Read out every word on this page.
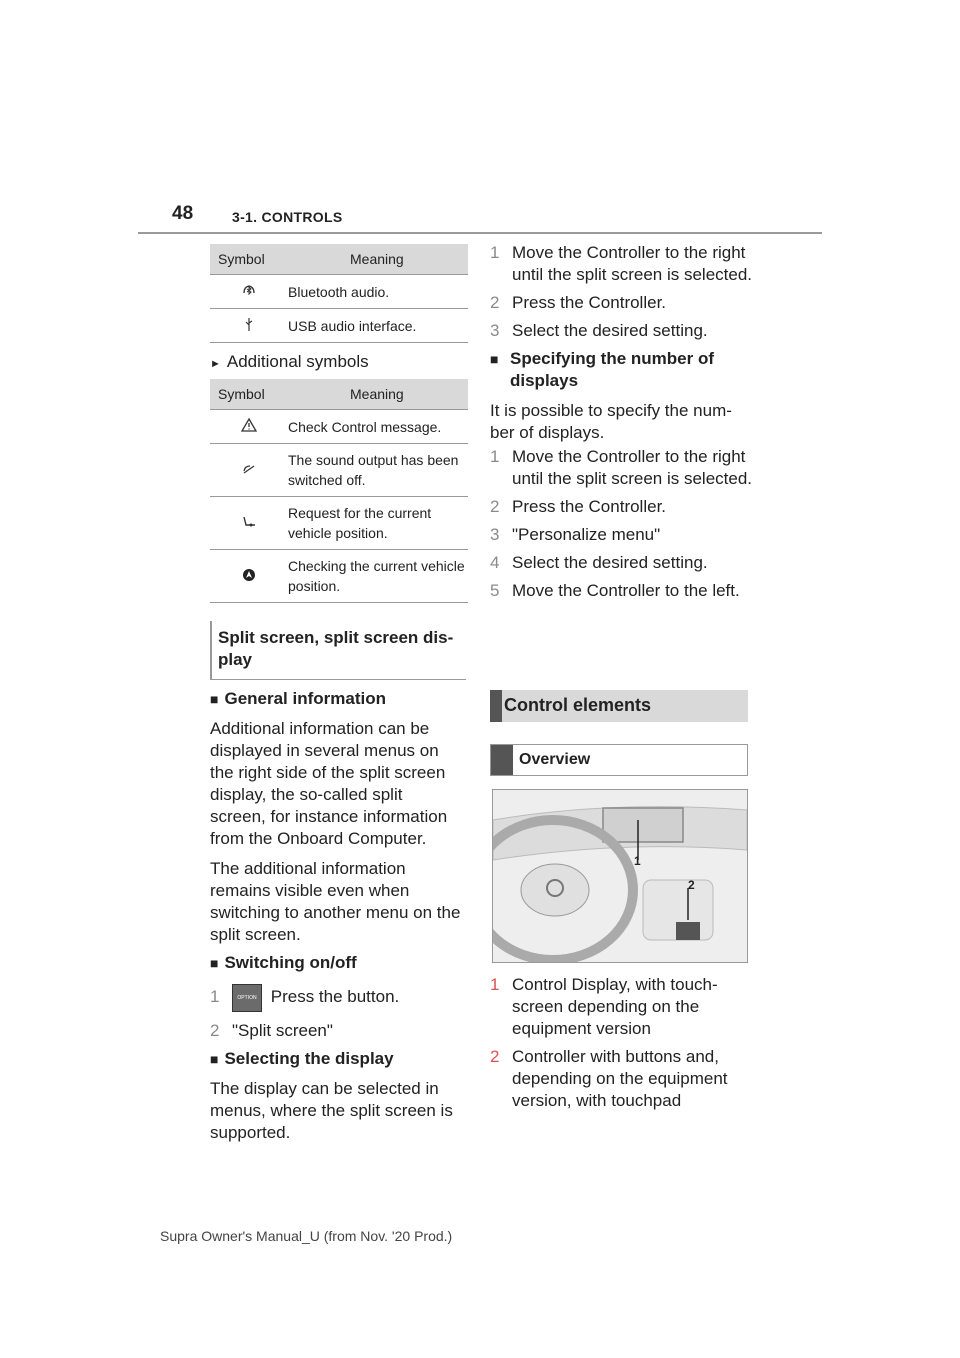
48	3-1. CONTROLS
Symbol	Meaning
	Bluetooth audio.
	USB audio interface.
► Additional symbols
Symbol	Meaning
	Check Control message.
	The sound output has been switched off.
	Request for the current vehicle position.
	Checking the current vehicle position.
Split screen, split screen dis-play
■ General information

Additional information can be displayed in several menus on the right side of the split screen display, the so-called split screen, for instance information from the Onboard Computer.

The additional information remains visible even when switching to another menu on the split screen.

■ Switching on/off
1	OPTION Press the button.
2 "Split screen"
■ Selecting the display

The display can be selected in menus, where the split screen is supported.

1 Move the Controller to the right until the split screen is selected.
2 Press the Controller.
3 Select the desired setting.
■ Specifying the number of displays

It is possible to specify the num-ber of displays.

1 Move the Controller to the right until the split screen is selected.
2 Press the Controller.
3 "Personalize menu"
4 Select the desired setting.
5 Move the Controller to the left.
Control elements
Overview
1
2
1 Control Display, with touch-screen depending on the equipment version
2 Controller with buttons and, depending on the equipment version, with touchpad
Supra Owner's Manual_U (from Nov. '20 Prod.)
